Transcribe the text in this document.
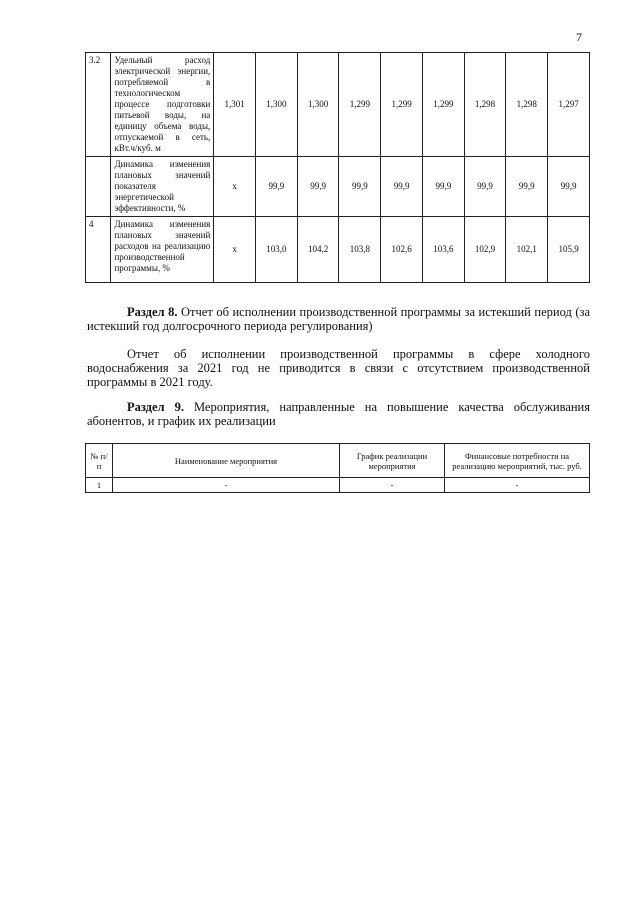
7
3.2	Удельный расход электрической энергии, потребляемой в технологическом процессе подготовки питьевой воды, на единицу объема воды, отпускаемой в сеть, кВт.ч/куб. м	1,301	1,300	1,300	1,299	1,299	1,299	1,298	1,298	1,297
	Динамика изменения плановых значений показателя энергетической эффективности, %	х	99,9	99,9	99,9	99,9	99,9	99,9	99,9	99,9
4	Динамика изменения плановых значений расходов на реализацию производственной программы, %	х	103,0	104,2	103,8	102,6	103,6	102,9	102,1	105,9
Раздел 8. Отчет об исполнении производственной программы за истекший период (за истекший год долгосрочного периода регулирования)
Отчет об исполнении производственной программы в сфере холодного водоснабжения за 2021 год не приводится в связи с отсутствием производственной программы в 2021 году.
Раздел 9. Мероприятия, направленные на повышение качества обслуживания абонентов, и график их реализации
№ п/п	Наименование мероприятия	График реализации мероприятия	Финансовые потребности на реализацию мероприятий, тыс. руб.
1	-	-	-
